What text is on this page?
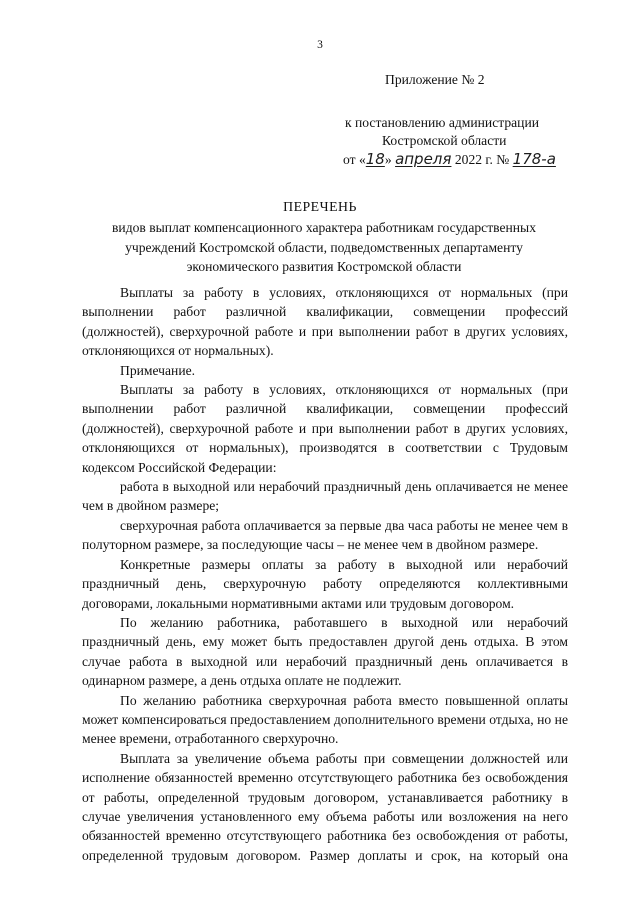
3
Приложение № 2
к постановлению администрации
Костромской области
от «18» апреля 2022 г. № 178-а
ПЕРЕЧЕНЬ
видов выплат компенсационного характера работникам государственных учреждений Костромской области, подведомственных департаменту экономического развития Костромской области

Выплаты за работу в условиях, отклоняющихся от нормальных (при выполнении работ различной квалификации, совмещении профессий (должностей), сверхурочной работе и при выполнении работ в других условиях, отклоняющихся от нормальных).

Примечание.

Выплаты за работу в условиях, отклоняющихся от нормальных (при выполнении работ различной квалификации, совмещении профессий (должностей), сверхурочной работе и при выполнении работ в других условиях, отклоняющихся от нормальных), производятся в соответствии с Трудовым кодексом Российской Федерации:

работа в выходной или нерабочий праздничный день оплачивается не менее чем в двойном размере;

сверхурочная работа оплачивается за первые два часа работы не менее чем в полуторном размере, за последующие часы – не менее чем в двойном размере.

Конкретные размеры оплаты за работу в выходной или нерабочий праздничный день, сверхурочную работу определяются коллективными договорами, локальными нормативными актами или трудовым договором.

По желанию работника, работавшего в выходной или нерабочий праздничный день, ему может быть предоставлен другой день отдыха. В этом случае работа в выходной или нерабочий праздничный день оплачивается в одинарном размере, а день отдыха оплате не подлежит.

По желанию работника сверхурочная работа вместо повышенной оплаты может компенсироваться предоставлением дополнительного времени отдыха, но не менее времени, отработанного сверхурочно.

Выплата за увеличение объема работы при совмещении должностей или исполнение обязанностей временно отсутствующего работника без освобождения от работы, определенной трудовым договором, устанавливается работнику в случае увеличения установленного ему объема работы или возложения на него обязанностей временно отсутствующего работника без освобождения от работы, определенной трудовым договором. Размер доплаты и срок, на который она
